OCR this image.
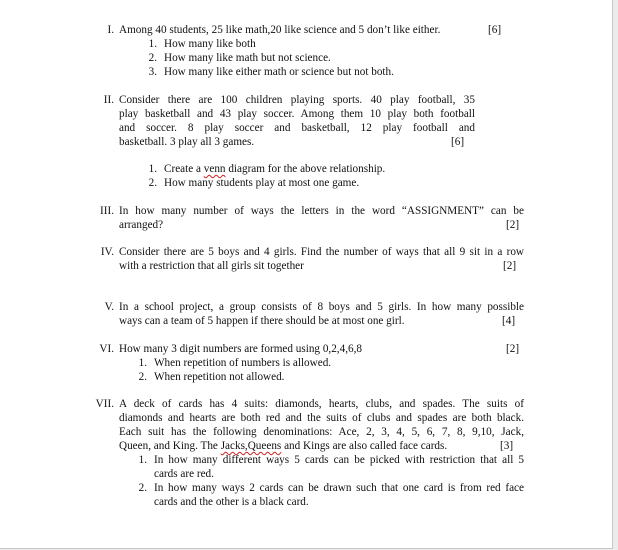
I. Among 40 students, 25 like math,20 like science and 5 don’t like either.	[6]
1. How many like both
2. How many like math but not science.
3. How many like either math or science but not both.
II. Consider there are 100 children playing sports. 40 play football, 35
play basketball and 43 play soccer. Among them 10 play both football
and soccer. 8 play soccer and basketball, 12 play football and
basketball. 3 play all 3 games.	[6]
1. Create a venn diagram for the above relationship.
2. How many students play at most one game.
III. In how many number of ways the letters in the word “ASSIGNMENT” can be
arranged?	[2]
IV. Consider there are 5 boys and 4 girls. Find the number of ways that all 9 sit in a row
with a restriction that all girls sit together	[2]
V. In a school project, a group consists of 8 boys and 5 girls. In how many possible
ways can a team of 5 happen if there should be at most one girl.	[4]
VI. How many 3 digit numbers are formed using 0,2,4,6,8	[2]
1. When repetition of numbers is allowed.
2. When repetition not allowed.
VII. A deck of cards has 4 suits: diamonds, hearts, clubs, and spades. The suits of
diamonds and hearts are both red and the suits of clubs and spades are both black.
Each suit has the following denominations: Ace, 2, 3, 4, 5, 6, 7, 8, 9,10, Jack,
Queen, and King. The Jacks,Queens and Kings are also called face cards.	[3]
1. In how many different ways 5 cards can be picked with restriction that all 5
cards are red.
2. In how many ways 2 cards can be drawn such that one card is from red face
cards and the other is a black card.
